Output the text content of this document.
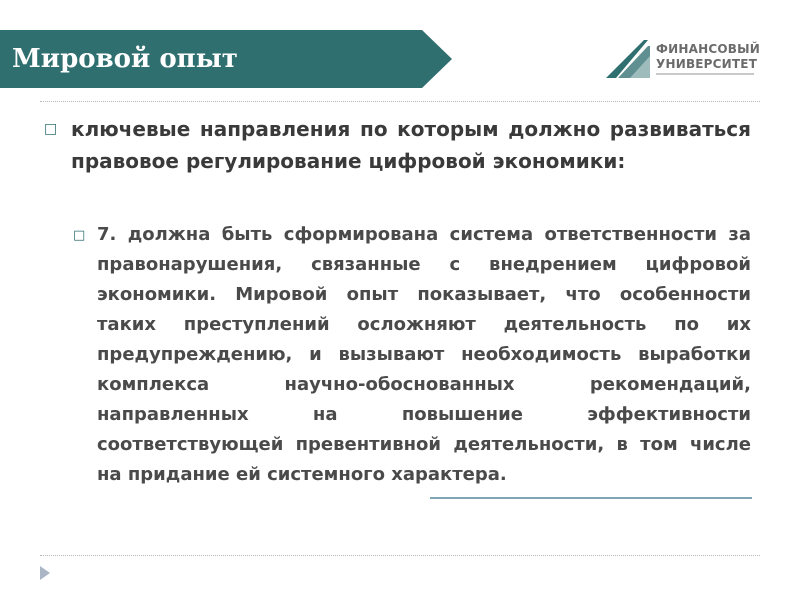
Мировой опыт	ФИНАНСОВЫЙ
УНИВЕРСИТЕТ
□ ключевые направления по которым должно развиваться правовое регулирование цифровой экономики:

□ 7. должна быть сформирована система ответственности за правонарушения, связанные с внедрением цифровой экономики. Мировой опыт показывает, что особенности таких преступлений осложняют деятельность по их предупреждению, и вызывают необходимость выработки комплекса научно-обоснованных рекомендаций, направленных на повышение эффективности соответствующей превентивной деятельности, в том числе на придание ей системного характера.
